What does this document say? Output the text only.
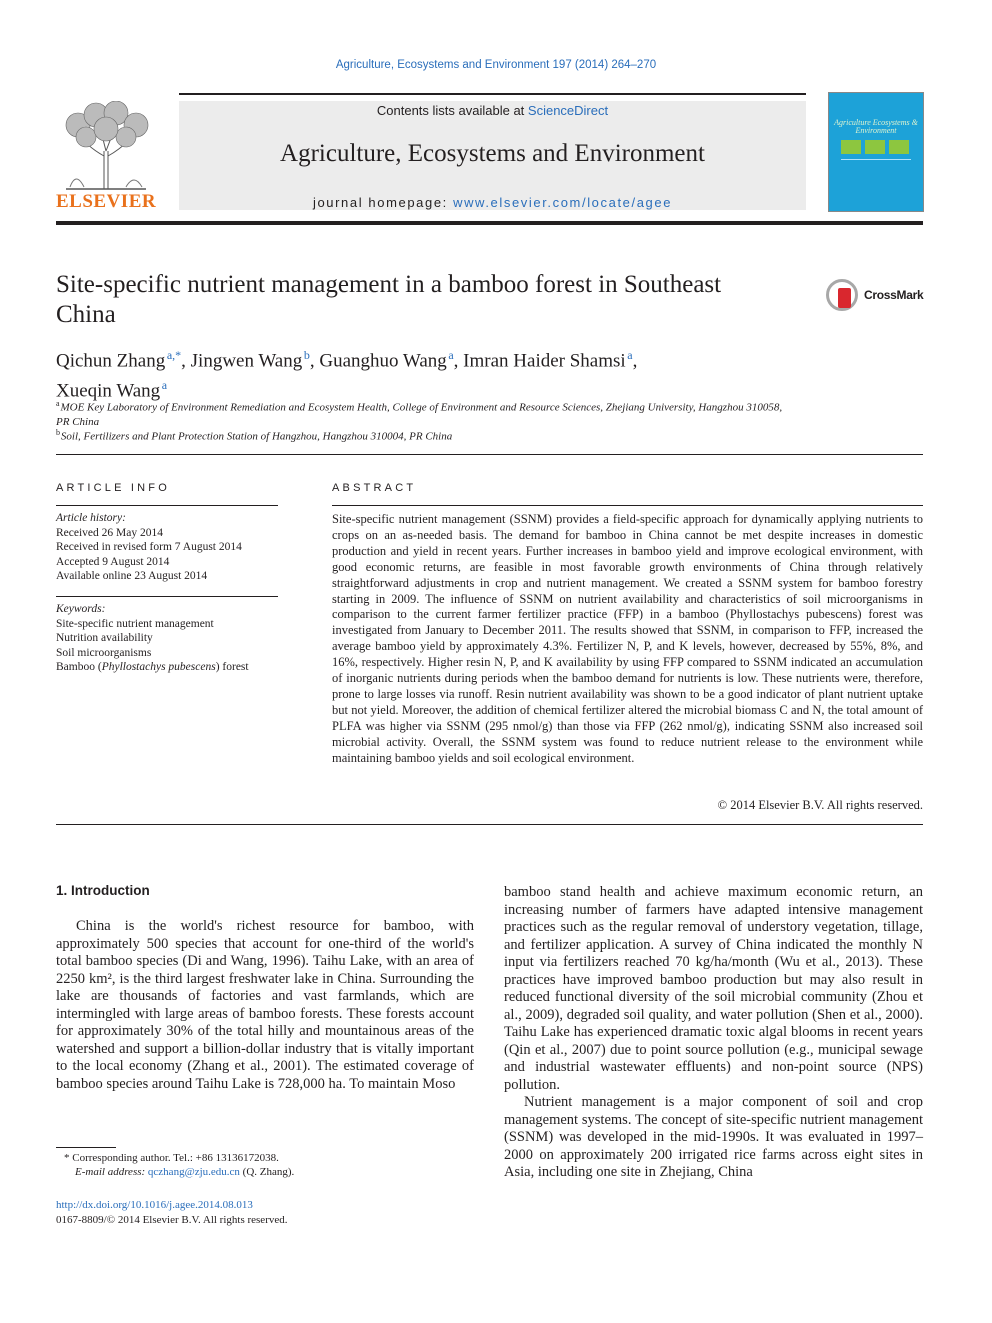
Agriculture, Ecosystems and Environment 197 (2014) 264–270
ELSEVIER
Contents lists available at ScienceDirect
Agriculture, Ecosystems and Environment
journal homepage: www.elsevier.com/locate/agee
Agriculture Ecosystems & Environment
Site-specific nutrient management in a bamboo forest in Southeast
China
CrossMark
Qichun Zhang  $^{a,*}$, Jingwen Wang  $^b$, Guanghuo Wang  $^a$, Imran Haider Shamsi  $^a$,
Xueqin Wang  $^a$
$^a$ MOE Key Laboratory of Environment Remediation and Ecosystem Health, College of Environment and Resource Sciences, Zhejiang University, Hangzhou 310058, PR China
$^b$ Soil, Fertilizers and Plant Protection Station of Hangzhou, Hangzhou 310004, PR China
ARTICLE INFO
Article history:
Received 26 May 2014
Received in revised form 7 August 2014
Accepted 9 August 2014
Available online 23 August 2014
Keywords:
Site-specific nutrient management
Nutrition availability
Soil microorganisms
Bamboo (Phyllostachys pubescens) forest
ABSTRACT
Site-specific nutrient management (SSNM) provides a field-specific approach for dynamically applying nutrients to crops on an as-needed basis. The demand for bamboo in China cannot be met despite increases in domestic production and yield in recent years. Further increases in bamboo yield and improve ecological environment, with good economic returns, are feasible in most favorable growth environments of China through relatively straightforward adjustments in crop and nutrient management. We created a SSNM system for bamboo forestry starting in 2009. The influence of SSNM on nutrient availability and characteristics of soil microorganisms in comparison to the current farmer fertilizer practice (FFP) in a bamboo (Phyllostachys pubescens) forest was investigated from January to December 2011. The results showed that SSNM, in comparison to FFP, increased the average bamboo yield by approximately 4.3%. Fertilizer N, P, and K levels, however, decreased by 55%, 8%, and 16%, respectively. Higher resin N, P, and K availability by using FFP compared to SSNM indicated an accumulation of inorganic nutrients during periods when the bamboo demand for nutrients is low. These nutrients were, therefore, prone to large losses via runoff. Resin nutrient availability was shown to be a good indicator of plant nutrient uptake but not yield. Moreover, the addition of chemical fertilizer altered the microbial biomass C and N, the total amount of PLFA was higher via SSNM (295 nmol/g) than those via FFP (262 nmol/g), indicating SSNM also increased soil microbial activity. Overall, the SSNM system was found to reduce nutrient release to the environment while maintaining bamboo yields and soil ecological environment.
© 2014 Elsevier B.V. All rights reserved.
1. Introduction

China is the world's richest resource for bamboo, with approximately 500 species that account for one-third of the world's total bamboo species (Di and Wang, 1996). Taihu Lake, with an area of 2250 km², is the third largest freshwater lake in China. Surrounding the lake are thousands of factories and vast farmlands, which are intermingled with large areas of bamboo forests. These forests account for approximately 30% of the total hilly and mountainous areas of the watershed and support a billion-dollar industry that is vitally important to the local economy (Zhang et al., 2001). The estimated coverage of bamboo species around Taihu Lake is 728,000 ha. To maintain Moso

bamboo stand health and achieve maximum economic return, an increasing number of farmers have adapted intensive management practices such as the regular removal of understory vegetation, tillage, and fertilizer application. A survey of China indicated the monthly N input via fertilizers reached 70 kg/ha/month (Wu et al., 2013). These practices have improved bamboo production but may also result in reduced functional diversity of the soil microbial community (Zhou et al., 2009), degraded soil quality, and water pollution (Shen et al., 2000). Taihu Lake has experienced dramatic toxic algal blooms in recent years (Qin et al., 2007) due to point source pollution (e.g., municipal sewage and industrial wastewater effluents) and non-point source (NPS) pollution.

Nutrient management is a major component of soil and crop management systems. The concept of site-specific nutrient management (SSNM) was developed in the mid-1990s. It was evaluated in 1997–2000 on approximately 200 irrigated rice farms across eight sites in Asia, including one site in Zhejiang, China

* Corresponding author. Tel.: +86 13136172038.
E-mail address: qczhang@zju.edu.cn (Q. Zhang).
http://dx.doi.org/10.1016/j.agee.2014.08.013
0167-8809/© 2014 Elsevier B.V. All rights reserved.
